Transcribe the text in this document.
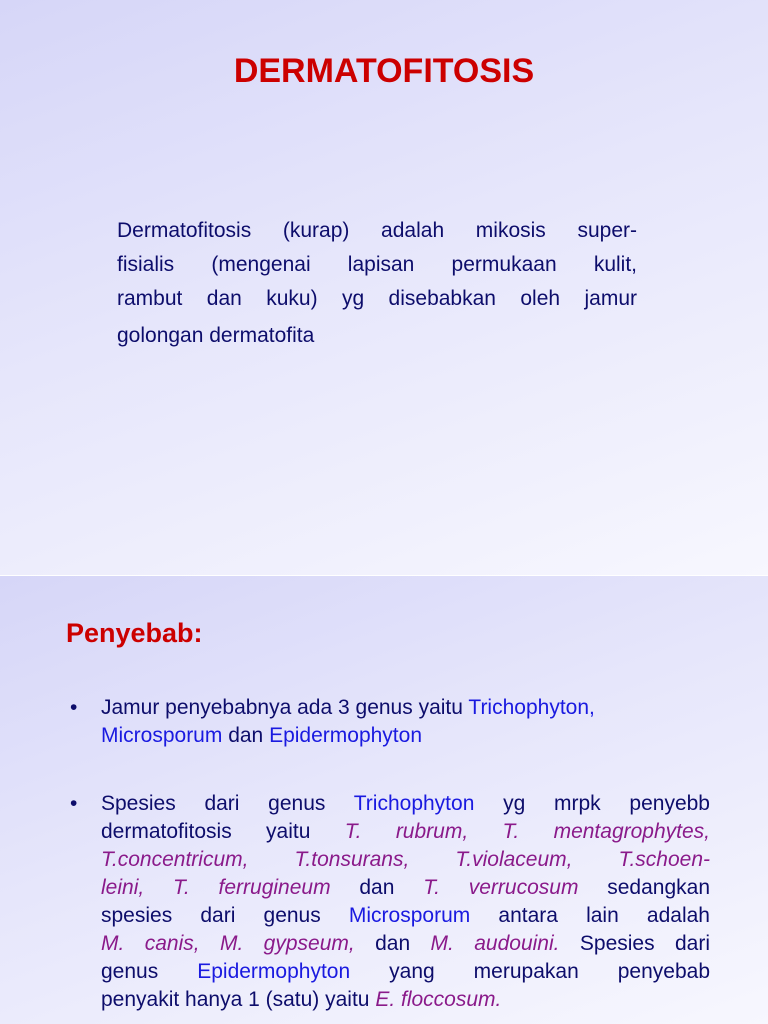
DERMATOFITOSIS
Dermatofitosis (kurap) adalah mikosis super-
fisialis (mengenai lapisan permukaan kulit,
rambut dan kuku) yg disebabkan oleh jamur
golongan dermatofita
Penyebab:
• Jamur penyebabnya ada 3 genus yaitu Trichophyton,
Microsporum dan Epidermophyton
• Spesies dari genus Trichophyton yg mrpk penyebb
dermatofitosis yaitu T. rubrum, T. mentagrophytes,
T.concentricum, T.tonsurans, T.violaceum, T.schoen-
leini, T. ferrugineum dan T. verrucosum sedangkan
spesies dari genus Microsporum antara lain adalah
M. canis, M. gypseum, dan M. audouini. Spesies dari
genus Epidermophyton yang merupakan penyebab
penyakit hanya 1 (satu) yaitu E. floccosum.
